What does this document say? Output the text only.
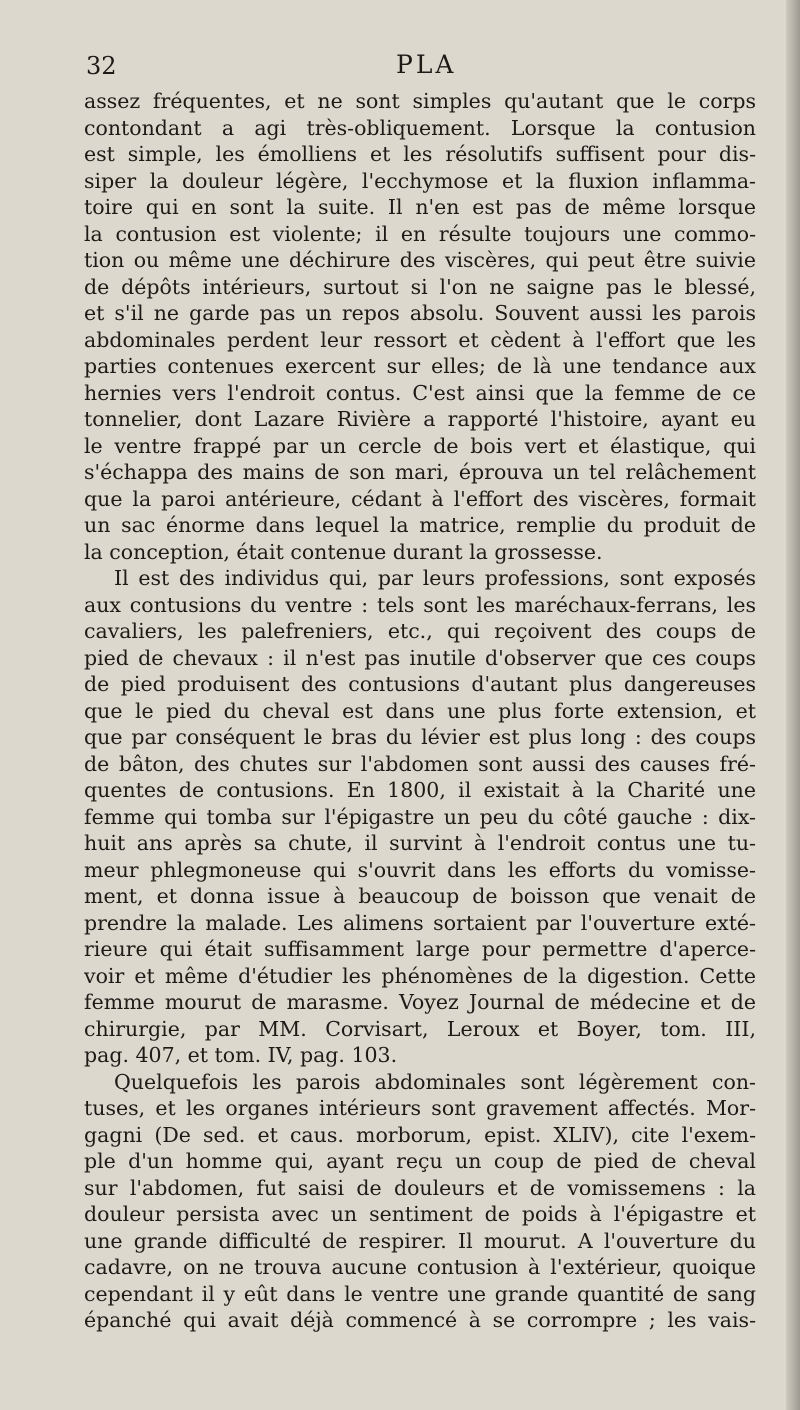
32	PLA
assez fréquentes, et ne sont simples qu'autant que le corps
contondant a agi très-obliquement. Lorsque la contusion
est simple, les émolliens et les résolutifs suffisent pour dis-
siper la douleur légère, l'ecchymose et la fluxion inflamma-
toire qui en sont la suite. Il n'en est pas de même lorsque
la contusion est violente; il en résulte toujours une commo-
tion ou même une déchirure des viscères, qui peut être suivie
de dépôts intérieurs, surtout si l'on ne saigne pas le blessé,
et s'il ne garde pas un repos absolu. Souvent aussi les parois
abdominales perdent leur ressort et cèdent à l'effort que les
parties contenues exercent sur elles; de là une tendance aux
hernies vers l'endroit contus. C'est ainsi que la femme de ce
tonnelier, dont Lazare Rivière a rapporté l'histoire, ayant eu
le ventre frappé par un cercle de bois vert et élastique, qui
s'échappa des mains de son mari, éprouva un tel relâchement
que la paroi antérieure, cédant à l'effort des viscères, formait
un sac énorme dans lequel la matrice, remplie du produit de
la conception, était contenue durant la grossesse.
Il est des individus qui, par leurs professions, sont exposés
aux contusions du ventre : tels sont les maréchaux-ferrans, les
cavaliers, les palefreniers, etc., qui reçoivent des coups de
pied de chevaux : il n'est pas inutile d'observer que ces coups
de pied produisent des contusions d'autant plus dangereuses
que le pied du cheval est dans une plus forte extension, et
que par conséquent le bras du lévier est plus long : des coups
de bâton, des chutes sur l'abdomen sont aussi des causes fré-
quentes de contusions. En 1800, il existait à la Charité une
femme qui tomba sur l'épigastre un peu du côté gauche : dix-
huit ans après sa chute, il survint à l'endroit contus une tu-
meur phlegmoneuse qui s'ouvrit dans les efforts du vomisse-
ment, et donna issue à beaucoup de boisson que venait de
prendre la malade. Les alimens sortaient par l'ouverture exté-
rieure qui était suffisamment large pour permettre d'aperce-
voir et même d'étudier les phénomènes de la digestion. Cette
femme mourut de marasme. Voyez Journal de médecine et de
chirurgie, par MM. Corvisart, Leroux et Boyer, tom. III,
pag. 407, et tom. IV, pag. 103.
Quelquefois les parois abdominales sont légèrement con-
tuses, et les organes intérieurs sont gravement affectés. Mor-
gagni (De sed. et caus. morborum, epist. XLIV), cite l'exem-
ple d'un homme qui, ayant reçu un coup de pied de cheval
sur l'abdomen, fut saisi de douleurs et de vomissemens : la
douleur persista avec un sentiment de poids à l'épigastre et
une grande difficulté de respirer. Il mourut. A l'ouverture du
cadavre, on ne trouva aucune contusion à l'extérieur, quoique
cependant il y eût dans le ventre une grande quantité de sang
épanché qui avait déjà commencé à se corrompre ; les vais-
